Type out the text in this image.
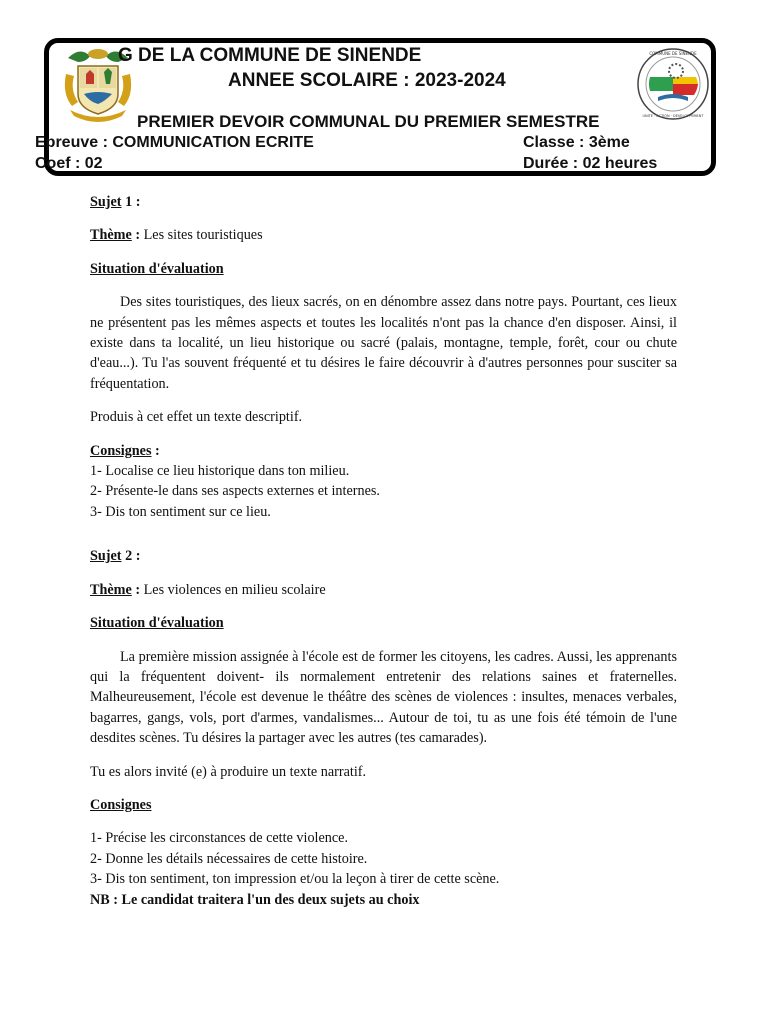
G DE LA COMMUNE DE SINENDE
ANNEE SCOLAIRE : 2023-2024
PREMIER DEVOIR COMMUNAL DU PREMIER SEMESTRE
Epreuve : COMMUNICATION ECRITE
Coef : 02
Classe : 3ème
Durée : 02 heures
COMMUNE DE SINENDE
UNITE · ACTION · DEVELOPPEMENT

Sujet 1 :

Thème : Les sites touristiques

Situation d'évaluation

Des sites touristiques, des lieux sacrés, on en dénombre assez dans notre pays. Pourtant, ces lieux ne présentent pas les mêmes aspects et toutes les localités n'ont pas la chance d'en disposer. Ainsi, il existe dans ta localité, un lieu historique ou sacré (palais, montagne, temple, forêt, cour ou chute d'eau...). Tu l'as souvent fréquenté et tu désires le faire découvrir à d'autres personnes pour susciter sa fréquentation.

Produis à cet effet un texte descriptif.

Consignes :

1- Localise ce lieu historique dans ton milieu.

2- Présente-le dans ses aspects externes et internes.

3- Dis ton sentiment sur ce lieu.

Sujet 2 :

Thème : Les violences en milieu scolaire

Situation d'évaluation

La première mission assignée à l'école est de former les citoyens, les cadres. Aussi, les apprenants qui la fréquentent doivent- ils normalement entretenir des relations saines et fraternelles. Malheureusement, l'école est devenue le théâtre des scènes de violences : insultes, menaces verbales, bagarres, gangs, vols, port d'armes, vandalismes... Autour de toi, tu as une fois été témoin de l'une desdites scènes. Tu désires la partager avec les autres (tes camarades).

Tu es alors invité (e) à produire un texte narratif.

Consignes

1- Précise les circonstances de cette violence.

2- Donne les détails nécessaires de cette histoire.

3- Dis ton sentiment, ton impression et/ou la leçon à tirer de cette scène.

NB : Le candidat traitera l'un des deux sujets au choix
